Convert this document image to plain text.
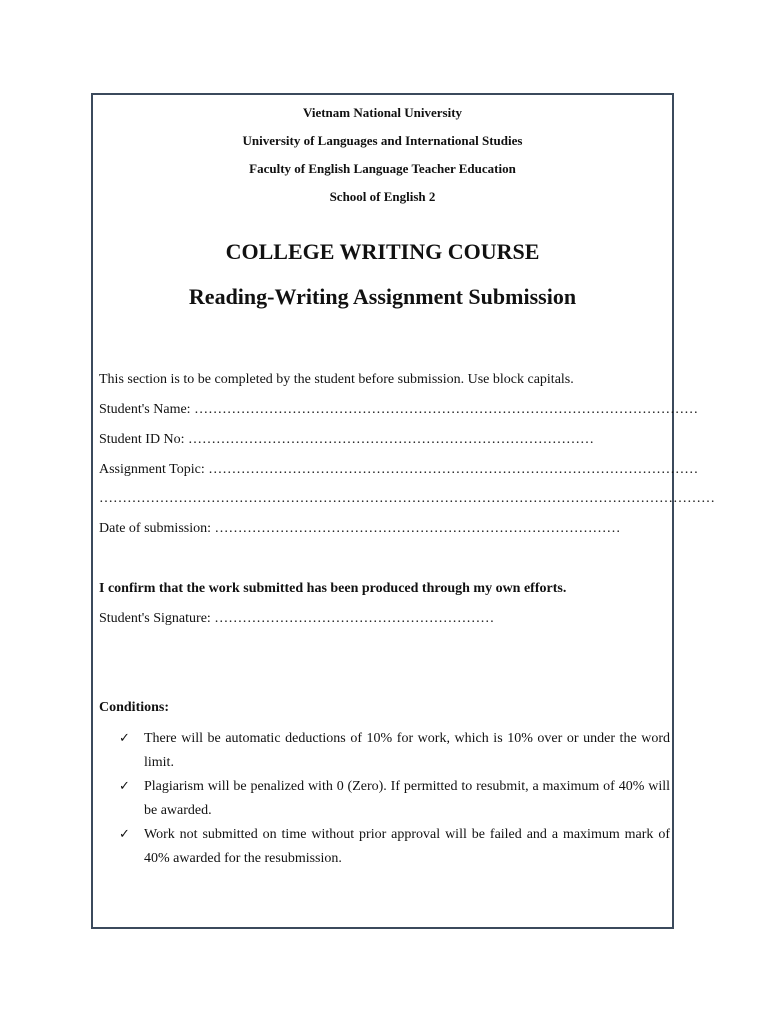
Vietnam National University
University of Languages and International Studies
Faculty of English Language Teacher Education
School of English 2
COLLEGE WRITING COURSE
Reading-Writing Assignment Submission
This section is to be completed by the student before submission. Use block capitals.
Student's Name: ………………………………………………………………………………………………
Student ID No: ……………………………………………………………………………
Assignment Topic: ……………………………………………………………………………………………
……………………………………………………………………………………………………………………
Date of submission: ……………………………………………………………………………
I confirm that the work submitted has been produced through my own efforts.
Student's Signature: ……………………………………………………
Conditions:
✓ There will be automatic deductions of 10% for work, which is 10% over or under the word limit.
✓ Plagiarism will be penalized with 0 (Zero). If permitted to resubmit, a maximum of 40% will be awarded.
✓ Work not submitted on time without prior approval will be failed and a maximum mark of 40% awarded for the resubmission.
